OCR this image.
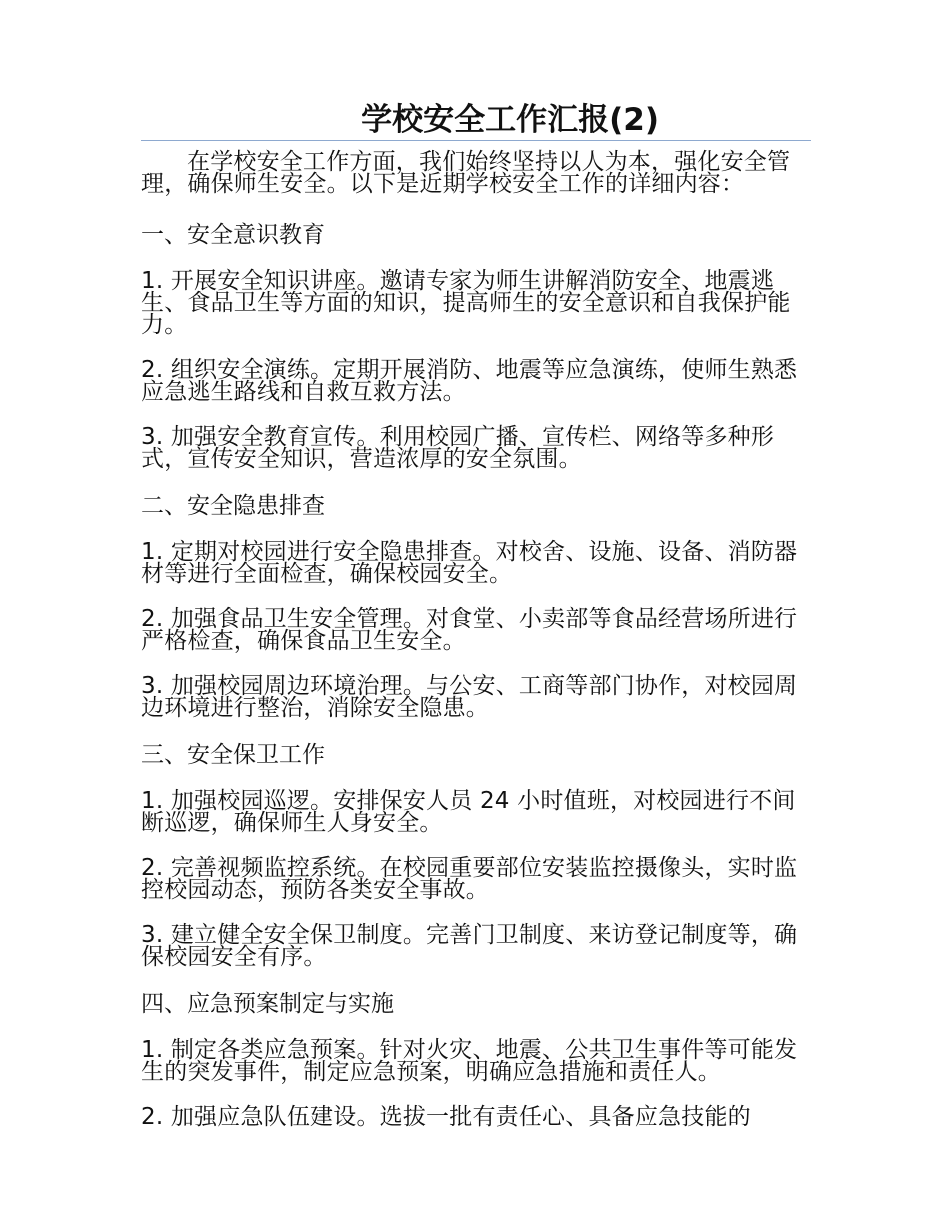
学校安全工作汇报(2)

在学校安全工作方面，我们始终坚持以人为本，强化安全管理，确保师生安全。以下是近期学校安全工作的详细内容：

一、安全意识教育

1. 开展安全知识讲座。邀请专家为师生讲解消防安全、地震逃生、食品卫生等方面的知识，提高师生的安全意识和自我保护能力。

2. 组织安全演练。定期开展消防、地震等应急演练，使师生熟悉应急逃生路线和自救互救方法。

3. 加强安全教育宣传。利用校园广播、宣传栏、网络等多种形式，宣传安全知识，营造浓厚的安全氛围。

二、安全隐患排查

1. 定期对校园进行安全隐患排查。对校舍、设施、设备、消防器材等进行全面检查，确保校园安全。

2. 加强食品卫生安全管理。对食堂、小卖部等食品经营场所进行严格检查，确保食品卫生安全。

3. 加强校园周边环境治理。与公安、工商等部门协作，对校园周边环境进行整治，消除安全隐患。

三、安全保卫工作

1. 加强校园巡逻。安排保安人员 24 小时值班，对校园进行不间断巡逻，确保师生人身安全。

2. 完善视频监控系统。在校园重要部位安装监控摄像头，实时监控校园动态，预防各类安全事故。

3. 建立健全安全保卫制度。完善门卫制度、来访登记制度等，确保校园安全有序。

四、应急预案制定与实施

1. 制定各类应急预案。针对火灾、地震、公共卫生事件等可能发生的突发事件，制定应急预案，明确应急措施和责任人。

2. 加强应急队伍建设。选拔一批有责任心、具备应急技能的
